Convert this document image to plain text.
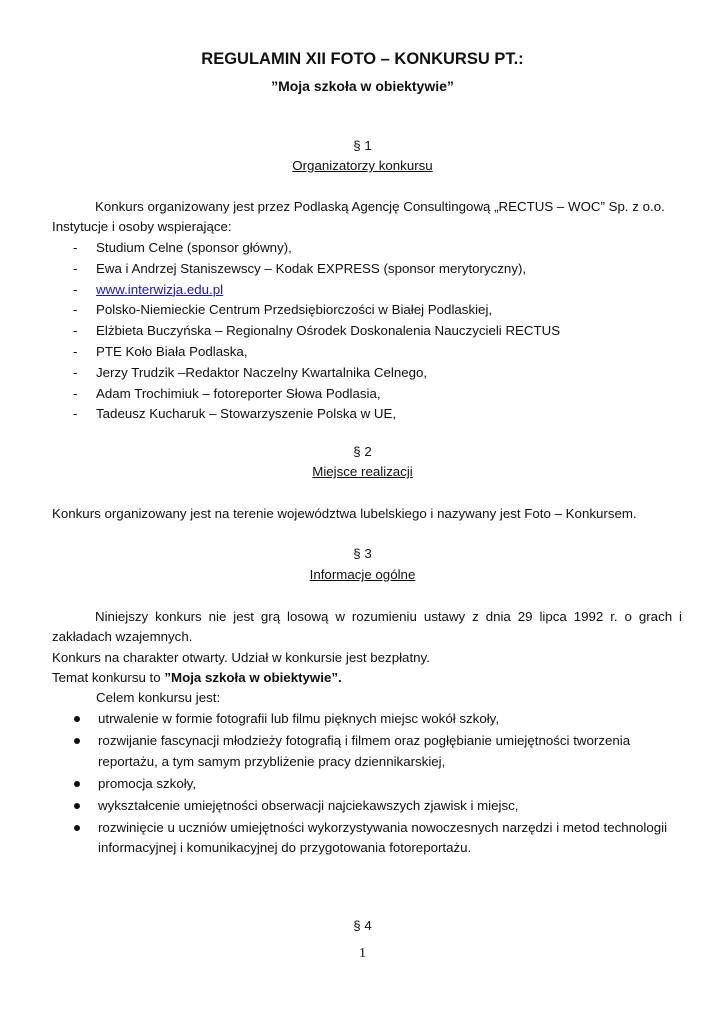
REGULAMIN XII FOTO – KONKURSU PT.:
”Moja szkoła w obiektywie”
§ 1
Organizatorzy konkursu
Konkurs organizowany jest przez Podlaską Agencję Consultingową „RECTUS – WOC” Sp. z o.o.
Instytucje i osoby wspierające:
- Studium Celne (sponsor główny),
- Ewa i Andrzej Staniszewscy – Kodak EXPRESS (sponsor merytoryczny),
- www.interwizja.edu.pl
- Polsko-Niemieckie Centrum Przedsiębiorczości w Białej Podlaskiej,
- Elżbieta Buczyńska – Regionalny Ośrodek Doskonalenia Nauczycieli RECTUS
- PTE Koło Biała Podlaska,
- Jerzy Trudzik –Redaktor Naczelny Kwartalnika Celnego,
- Adam Trochimiuk – fotoreporter Słowa Podlasia,
- Tadeusz Kucharuk – Stowarzyszenie Polska w UE,
§ 2
Miejsce realizacji
Konkurs organizowany jest na terenie województwa lubelskiego i nazywany jest Foto – Konkursem.
§ 3
Informacje ogólne
Niniejszy konkurs nie jest grą losową w rozumieniu ustawy z dnia 29 lipca 1992 r. o grach i
zakładach wzajemnych.
Konkurs na charakter otwarty. Udział w konkursie jest bezpłatny.
Temat konkursu to ”Moja szkoła w obiektywie”.
Celem konkursu jest:
utrwalenie w formie fotografii lub filmu pięknych miejsc wokół szkoły,
rozwijanie fascynacji młodzieży fotografią i filmem oraz pogłębianie umiejętności tworzenia
reportażu, a tym samym przybliżenie pracy dziennikarskiej,
promocja szkoły,
wykształcenie umiejętności obserwacji najciekawszych zjawisk i miejsc,
rozwinięcie u uczniów umiejętności wykorzystywania nowoczesnych narzędzi i metod technologii
informacyjnej i komunikacyjnej do przygotowania fotoreportażu.
§ 4
1
